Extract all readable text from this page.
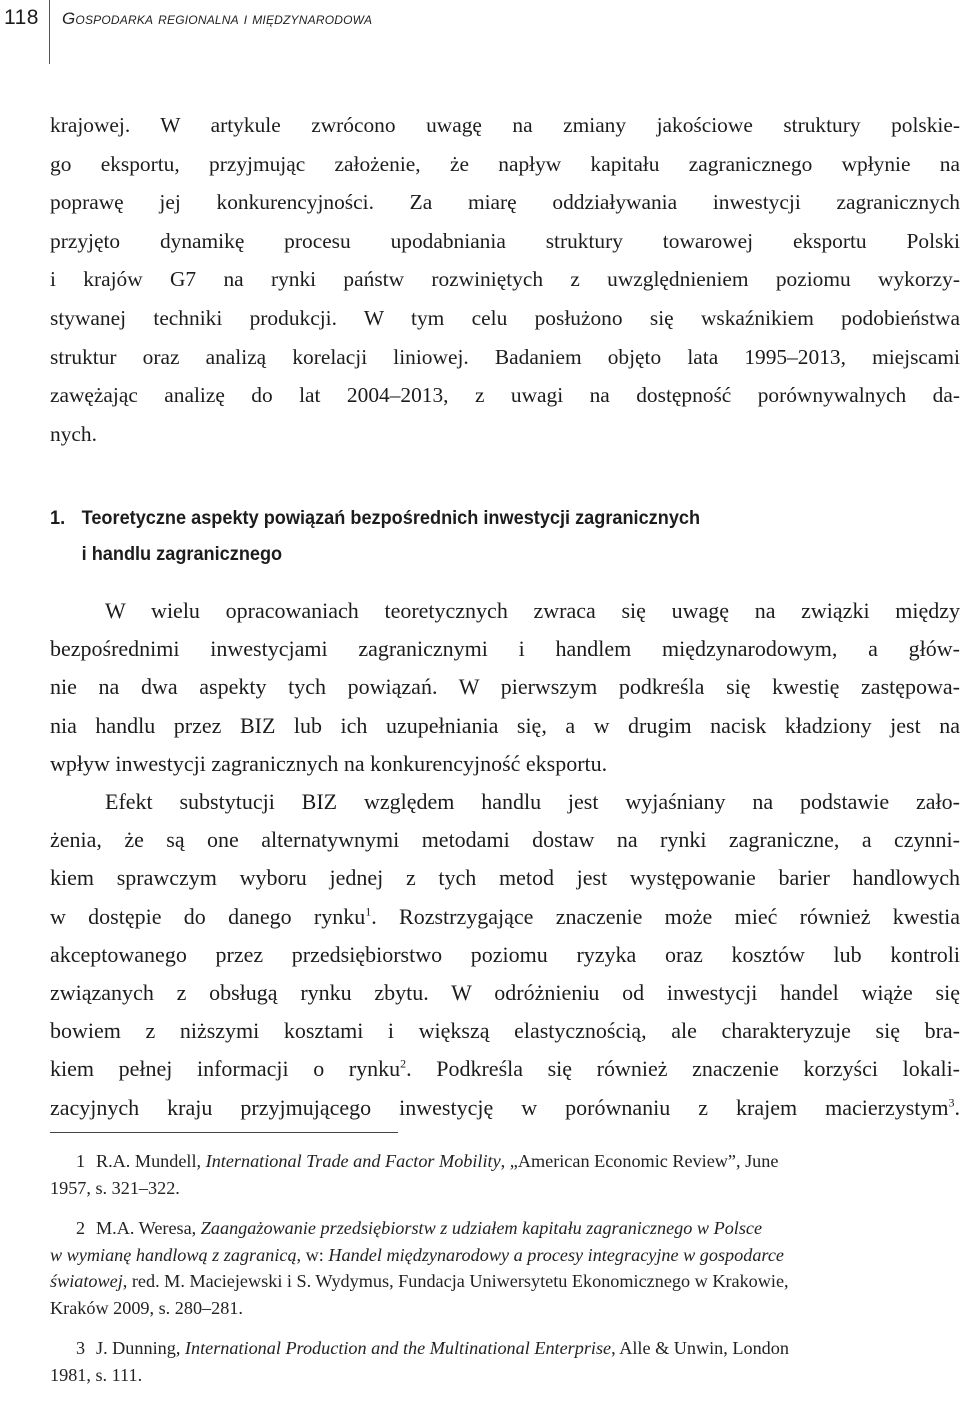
118 Gospodarka regionalna i międzynarodowa
krajowej. W artykule zwrócono uwagę na zmiany jakościowe struktury polskie-
go eksportu, przyjmując założenie, że napływ kapitału zagranicznego wpłynie na
poprawę jej konkurencyjności. Za miarę oddziaływania inwestycji zagranicznych
przyjęto dynamikę procesu upodabniania struktury towarowej eksportu Polski
i krajów G7 na rynki państw rozwiniętych z uwzględnieniem poziomu wykorzy-
stywanej techniki produkcji. W tym celu posłużono się wskaźnikiem podobieństwa
struktur oraz analizą korelacji liniowej. Badaniem objęto lata 1995–2013, miejscami
zawężając analizę do lat 2004–2013, z uwagi na dostępność porównywalnych da-
nych.
1. Teoretyczne aspekty powiązań bezpośrednich inwestycji zagranicznych
i handlu zagranicznego
W wielu opracowaniach teoretycznych zwraca się uwagę na związki między
bezpośrednimi inwestycjami zagranicznymi i handlem międzynarodowym, a głów-
nie na dwa aspekty tych powiązań. W pierwszym podkreśla się kwestię zastępowa-
nia handlu przez BIZ lub ich uzupełniania się, a w drugim nacisk kładziony jest na
wpływ inwestycji zagranicznych na konkurencyjność eksportu.
Efekt substytucji BIZ względem handlu jest wyjaśniany na podstawie zało-
żenia, że są one alternatywnymi metodami dostaw na rynki zagraniczne, a czynni-
kiem sprawczym wyboru jednej z tych metod jest występowanie barier handlowych
w dostępie do danego rynku$^1$. Rozstrzygające znaczenie może mieć również kwestia
akceptowanego przez przedsiębiorstwo poziomu ryzyka oraz kosztów lub kontroli
związanych z obsługą rynku zbytu. W odróżnieniu od inwestycji handel wiąże się
bowiem z niższymi kosztami i większą elastycznością, ale charakteryzuje się bra-
kiem pełnej informacji o rynku$^2$. Podkreśla się również znaczenie korzyści lokali-
zacyjnych kraju przyjmującego inwestycję w porównaniu z krajem macierzystym$^3$.
1 R.A. Mundell, International Trade and Factor Mobility, „American Economic Review”, June
1957, s. 321–322.
2 M.A. Weresa, Zaangażowanie przedsiębiorstw z udziałem kapitału zagranicznego w Polsce
w wymianę handlową z zagranicą, w: Handel międzynarodowy a procesy integracyjne w gospodarce
światowej, red. M. Maciejewski i S. Wydymus, Fundacja Uniwersytetu Ekonomicznego w Krakowie,
Kraków 2009, s. 280–281.
3 J. Dunning, International Production and the Multinational Enterprise, Alle & Unwin, London
1981, s. 111.
